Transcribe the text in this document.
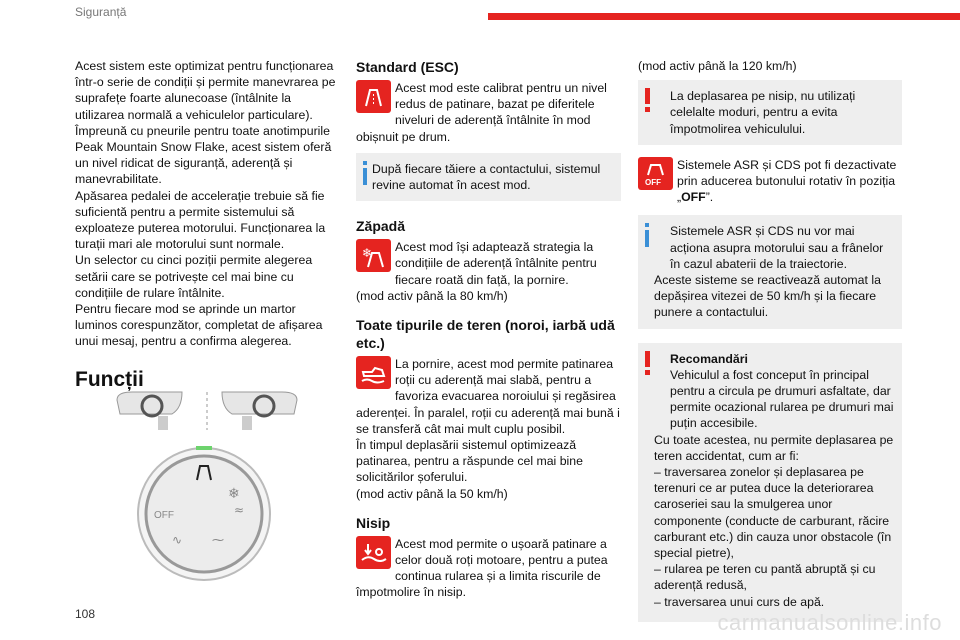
Siguranță

Acest sistem este optimizat pentru funcționarea într-o serie de condiții și permite manevrarea pe suprafețe foarte alunecoase (întâlnite la utilizarea normală a vehiculelor particulare). Împreună cu pneurile pentru toate anotimpurile Peak Mountain Snow Flake, acest sistem oferă un nivel ridicat de siguranță, aderență și manevrabilitate.

Apăsarea pedalei de accelerație trebuie să fie suficientă pentru a permite sistemului să exploateze puterea motorului. Funcționarea la turații mari ale motorului sunt normale.

Un selector cu cinci poziții permite alegerea setării care se potrivește cel mai bine cu condițiile de rulare întâlnite.

Pentru fiecare mod se aprinde un martor luminos corespunzător, completat de afișarea unui mesaj, pentru a confirma alegerea.

Funcții
❄
≈
⁓
∿
OFF
Standard (ESC)

Acest mod este calibrat pentru un nivel redus de patinare, bazat pe diferitele niveluri de aderență întâlnite în mod obișnuit pe drum.

După fiecare tăiere a contactului, sistemul revine automat în acest mod.

Zăpadă
❄	Acest mod își adaptează strategia la condițiile de aderență întâlnite pentru fiecare roată din față, la pornire.

(mod activ până la 80 km/h)

Toate tipurile de teren (noroi, iarbă udă etc.)

La pornire, acest mod permite patinarea roții cu aderență mai slabă, pentru a favoriza evacuarea noroiului și regăsirea aderenței. În paralel, roții cu aderență mai bună i se transferă cât mai mult cuplu posibil.

În timpul deplasării sistemul optimizează patinarea, pentru a răspunde cel mai bine solicitărilor șoferului.

(mod activ până la 50 km/h)

Nisip

Acest mod permite o ușoară patinare a celor două roți motoare, pentru a putea continua rularea și a limita riscurile de împotmolire în nisip.

(mod activ până la 120 km/h)

La deplasarea pe nisip, nu utilizați celelalte moduri, pentru a evita împotmolirea vehiculului.

OFF

Sistemele ASR și CDS pot fi dezactivate prin aducerea butonului rotativ în poziția „OFF”.

Sistemele ASR și CDS nu vor mai acționa asupra motorului sau a frânelor în cazul abaterii de la traiectorie.

Aceste sisteme se reactivează automat la depășirea vitezei de 50 km/h și la fiecare punere a contactului.

Recomandări

Vehiculul a fost conceput în principal pentru a circula pe drumuri asfaltate, dar permite ocazional rularea pe drumuri mai puțin accesibile.

Cu toate acestea, nu permite deplasarea pe teren accidentat, cum ar fi:

– traversarea zonelor și deplasarea pe terenuri ce ar putea duce la deteriorarea caroseriei sau la smulgerea unor componente (conducte de carburant, răcire carburant etc.) din cauza unor obstacole (în special pietre),

– rularea pe teren cu pantă abruptă și cu aderență redusă,

– traversarea unui curs de apă.

108	carmanualsonline.info
